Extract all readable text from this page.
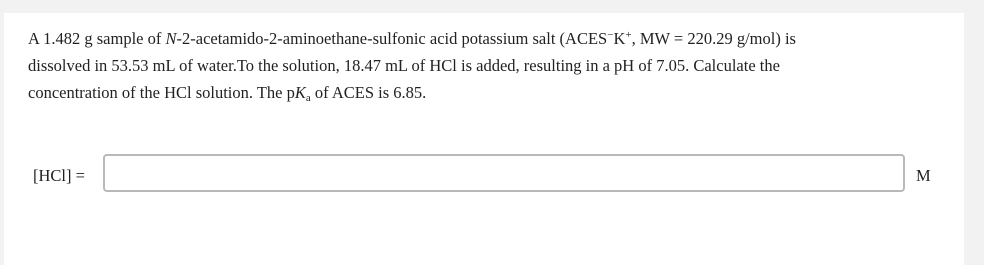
A 1.482 g sample of N-2-acetamido-2-aminoethane-sulfonic acid potassium salt (ACES−K+, MW = 220.29 g/mol) is
dissolved in 53.53 mL of water.To the solution, 18.47 mL of HCl is added, resulting in a pH of 7.05. Calculate the
concentration of the HCl solution. The $pK_a$ of ACES is 6.85.

[HCl] =	M
